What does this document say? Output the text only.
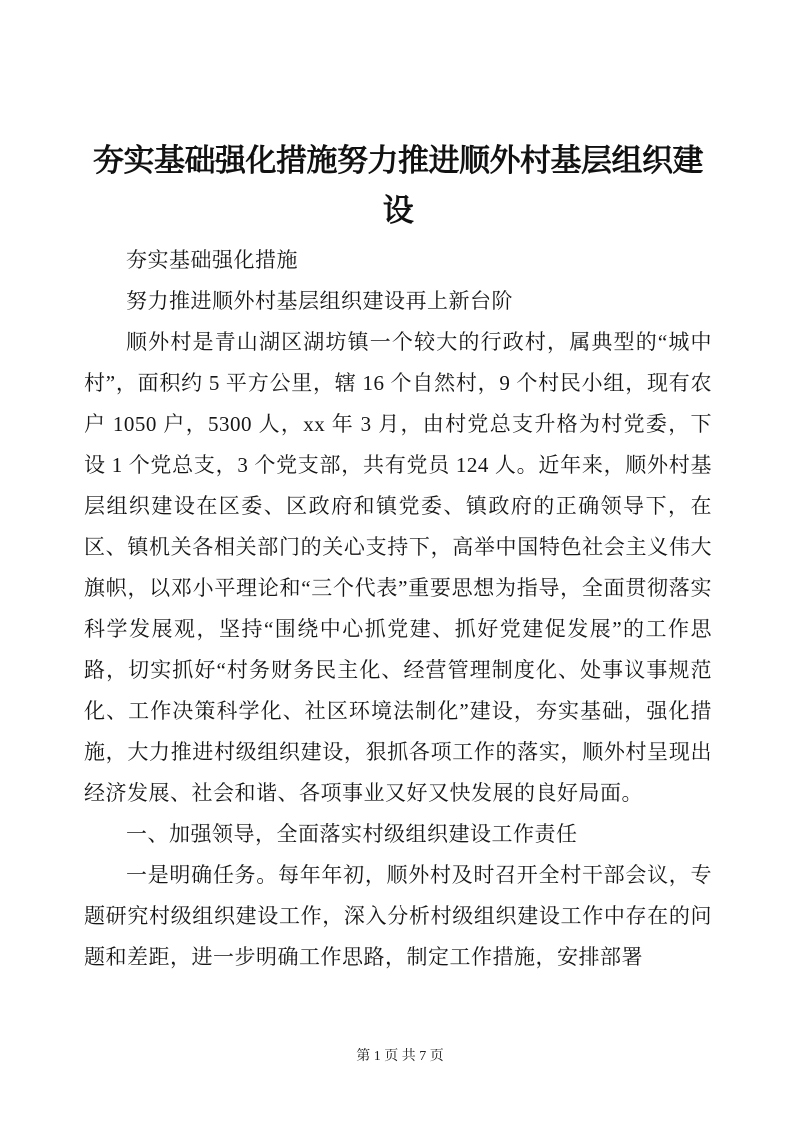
夯实基础强化措施努力推进顺外村基层组织建
设

夯实基础强化措施

努力推进顺外村基层组织建设再上新台阶

顺外村是青山湖区湖坊镇一个较大的行政村，属典型的“城中村”，面积约 5 平方公里，辖 16 个自然村，9 个村民小组，现有农户 1050 户，5300 人，xx 年 3 月，由村党总支升格为村党委，下设 1 个党总支，3 个党支部，共有党员 124 人。近年来，顺外村基层组织建设在区委、区政府和镇党委、镇政府的正确领导下，在区、镇机关各相关部门的关心支持下，高举中国特色社会主义伟大旗帜，以邓小平理论和“三个代表”重要思想为指导，全面贯彻落实科学发展观，坚持“围绕中心抓党建、抓好党建促发展”的工作思路，切实抓好“村务财务民主化、经营管理制度化、处事议事规范化、工作决策科学化、社区环境法制化”建设，夯实基础，强化措施，大力推进村级组织建设，狠抓各项工作的落实，顺外村呈现出经济发展、社会和谐、各项事业又好又快发展的良好局面。

一、加强领导，全面落实村级组织建设工作责任

一是明确任务。每年年初，顺外村及时召开全村干部会议，专题研究村级组织建设工作，深入分析村级组织建设工作中存在的问题和差距，进一步明确工作思路，制定工作措施，安排部署

第 1 页 共 7 页
